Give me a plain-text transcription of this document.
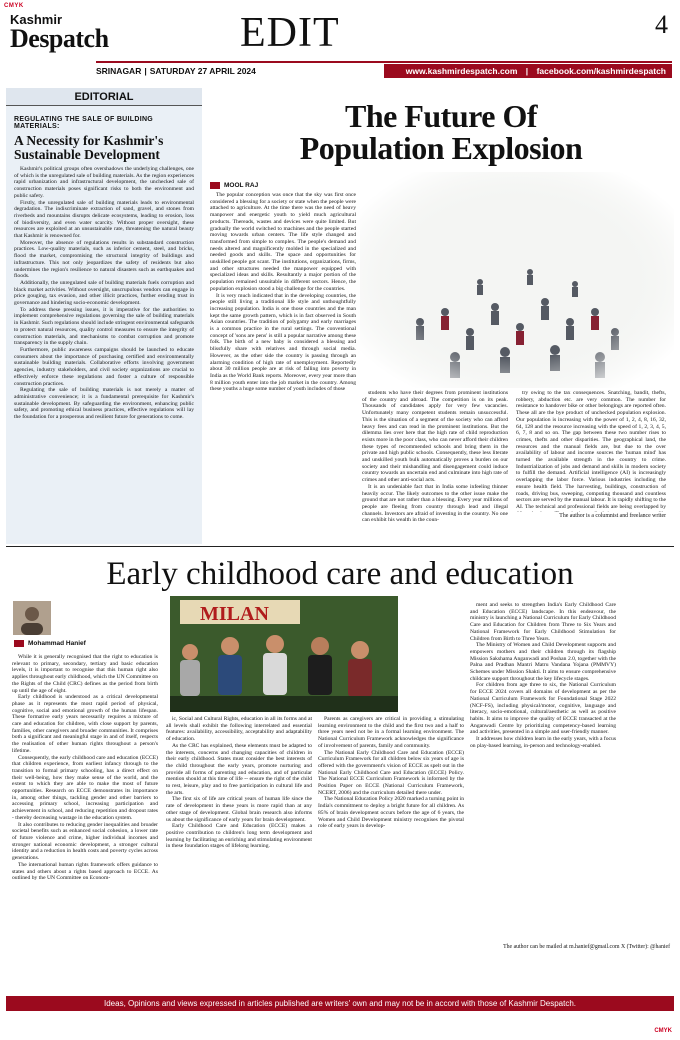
CMYK
Kashmir
Despatch	EDIT	4
SRINAGAR | SATURDAY 27 APRIL 2024	www.kashmirdespatch.com | facebook.com/kashmirdespatch
EDITORIAL
REGULATING THE SALE OF BUILDING MATERIALS:
A Necessity for Kashmir's Sustainable Development

Kashmir's political groups often overshadows the underlying challenges, one of which is the unregulated sale of building materials. As the region experiences rapid urbanization and infrastructural development, the unchecked sale of construction materials poses significant risks to both the environment and public safety.

Firstly, the unregulated sale of building materials leads to environmental degradation. The indiscriminate extraction of sand, gravel, and stones from riverbeds and mountains disrupts delicate ecosystems, leading to erosion, loss of biodiversity, and even water scarcity. Without proper oversight, these resources are exploited at an unsustainable rate, threatening the natural beauty that Kashmir is renowned for.

Moreover, the absence of regulations results in substandard construction practices. Low-quality materials, such as inferior cement, steel, and bricks, flood the market, compromising the structural integrity of buildings and infrastructure. This not only jeopardizes the safety of residents but also undermines the region's resilience to natural disasters such as earthquakes and floods.

Additionally, the unregulated sale of building materials fuels corruption and black market activities. Without oversight, unscrupulous vendors can engage in price gouging, tax evasion, and other illicit practices, further eroding trust in governance and hindering socio-economic development.

To address these pressing issues, it is imperative for the authorities to implement comprehensive regulations governing the sale of building materials in Kashmir. Such regulations should include stringent environmental safeguards to protect natural resources, quality control measures to ensure the integrity of construction materials, and mechanisms to combat corruption and promote transparency in the supply chain.

Furthermore, public awareness campaigns should be launched to educate consumers about the importance of purchasing certified and environmentally sustainable building materials. Collaborative efforts involving government agencies, industry stakeholders, and civil society organizations are crucial to effectively enforce these regulations and foster a culture of responsible construction practices.

Regulating the sale of building materials is not merely a matter of administrative convenience; it is a fundamental prerequisite for Kashmir's sustainable development. By safeguarding the environment, enhancing public safety, and promoting ethical business practices, effective regulations will lay the foundation for a prosperous and resilient future for generations to come.

The Future Of
Population Explosion
MOOL RAJ

The popular conception was once that the sky was first once considered a blessing for a society or state when the people were attached to agriculture. At the time there was the need of heavy manpower and energetic youth to yield much agricultural products. Thereads, wastes and devices were quite limited. But gradually the world switched to machines and the people started moving towards urban centers. The life style changed and transformed from simple to complex. The people's demand and needs altered and magnificently molded in the specialized and needed goods and skills. The space and opportunities for unskilled people got scant. The institutions, organizations, firms, and other structures needed the manpower equipped with specialized ideas and skills. Resultantly a major portion of the population remained unsuitable in different sectors. Hence, the population explosion stood a big challenge for the countries.

It is very much indicated that in the developing countries, the people still living a traditional life style and unthoughtfully increasing population. India is one those countries and the man kept the same growth pattern, which is in fact observed in South Asian countries. The tradition of polygamy and early marriages is a common practice in the rural settings. The conventional concept of 'sons are pens' is still a popular narrative among these folk. The birth of a new baby is considered a blessing and blissfully share with relatives and through social media. However, as the other side the country is passing through an alarming condition of high rate of unemployment. Reportedly about 30 million people are at risk of falling into poverty in India as the World Bank reports. Moreover, every year more than 8 million youth enter into the job market in the country. Among these youths a huge some number of youth includes of those

students who have their degrees from prominent institutions of the country and abroad. The competition is on its peak. Thousands of candidates apply for very few vacancies. Unfortunately many competent students remain unsuccessful. This is the situation of a segment of the society who can afford heavy fees and can read in the prominent institutions. But the dilemma lies over here that the high rate of child reproduction exists more in the poor class, who can never afford their children these types of recommended schools and bring them in the private and high public schools. Consequently, these less literate and unskilled youth bulk automatically proves a burden on our society and their mishandling and disengagement could induce country towards an uncertain end and culminate into high rate of crimes and other anti-social acts.

It is an undeniable fact that in India some infeeling thinner heavily occur. The likely outcomes to the other issue make the ground that are not rather than a blessing. Every year millions of people are fleeing from country through lead and illegal channels. Investors are afraid of investing in the country. No one can exhibit his wealth in the coun-

try owing to the tax consequences. Snatching, bandit, thefts, robbery, abduction etc. are very common. The number for resistance to handover bike or other belongings are reported often. These all are the bye product of unchecked population explosion. Our population is increasing with the power of 1, 2, 4, 8, 16, 32, 64, 128 and the resource increasing with the speed of 1, 2, 3, 4, 5, 6, 7, 8 and so on. The gap between these two number rises to crimes, thefts and other disparities. The geographical land, the resources and the manual fields are, but due to the over availability of labour and income sources the 'human mind' has turned the available strength in the country to crime. Industrialization of jobs and demand and skills in modern society to fulfill the demand. Artificial intelligence (AI) is increasingly overlapping the labor force. Various industries including the ensure health field. The harvesting, buildings, construction of roads, driving bus, sweeping, computing thousand and countless sectors are served by the manual labour. It is rapidly shifting to the AI. The technical and professional fields are being overlapped by

The author is a columnist and freelance writer
Early childhood care and education
Mohammad Hanief
MILAN

While it is generally recognised that the right to education is relevant to primary, secondary, tertiary and basic education levels, it is important to recognise that this human right also applies throughout early childhood, which the UN Committee on the Rights of the Child (CRC) defines as the period from birth up until the age of eight.

Early childhood is understood as a critical developmental phase as it represents the most rapid period of physical, cognitive, social and emotional growth of the human lifespan. These formative early years necessarily requires a mixture of care and education for children, with close support by parents, families, other caregivers and broader communities. It comprises both a significant and meaningful stage in and of itself, respects the realisation of other human rights throughout a person's lifetime.

Consequently, the early childhood care and education (ECCE) that children experience, from earliest infancy through to the transition to formal primary schooling, has a direct effect on their well-being, how they make sense of the world, and the extent to which they are able to make the most of future opportunities. Research on ECCE demonstrates its importance in, among other things, tackling gender and other barriers to accessing primary school, increasing participation and achievement in school, and reducing repetition and dropout rates - thereby decreasing wastage in the education system.

It also contributes to reducing gender inequalities and broader societal benefits such as enhanced social cohesion, a lower rate of future violence and crime, higher individual incomes and stronger national economic development, a stronger cultural identity and a reduction in health costs and poverty cycles across generations.

The international human rights framework offers guidance to states and others about a rights based approach to ECCE. As outlined by the UN Committee on Econom-

ic, Social and Cultural Rights, education in all its forms and at all levels shall exhibit the following interrelated and essential features: availability, accessibility, acceptability and adaptability of education.

As the CRC has explained, these elements must be adapted to the interests, concerns and changing capacities of children in their early childhood. States must consider the best interests of the child throughout the early years, promote nurturing and provide all forms of parenting and education, and of particular mention should at this time of life -- ensure the right of the child to rest, leisure, play and to free participation in cultural life and the arts.

The first six of life are critical years of human life since the rate of development in these years is more rapid than at any other stage of development. Global brain research also informs us about the significance of early years for brain development.

Early Childhood Care and Education (ECCE) makes a positive contribution to children's long term development and learning by facilitating an enriching and stimulating environment in these foundation stages of lifelong learning.

Parents as caregivers are critical in providing a stimulating learning environment to the child and the first two and a half to three years need not be in a formal learning environment. The National Curriculum Framework acknowledges the significance of involvement of parents, family and community.

The National Early Childhood Care and Education (ECCE) Curriculum Framework for all children below six years of age is offered with the government's vision of ECCE as spelt out in the National Early Childhood Care and Education (ECCE) Policy. The National ECCE Curriculum Framework is informed by the Position Paper on ECCE (National Curriculum Framework, NCERT, 2006) and the curriculum detailed there under.

The National Education Policy 2020 marked a turning point in India's commitment to deploy a bright future for all children. As 85% of brain development occurs before the age of 6 years, the Women and Child Development ministry recognises the pivotal role of early years in develop-

ment and seeks to strengthen India's Early Childhood Care and Education (ECCE) landscape. In this endeavour, the ministry is launching a National Curriculum for Early Childhood Care and Education for Children from Three to Six Years and National Framework for Early Childhood Stimulation for Children from Birth to Three Years.

The Ministry of Women and Child Development supports and empowers mothers and their children through its flagship Mission Sakshama Anganwadi and Poshan 2.0, together with the Palna and Pradhan Mantri Matru Vandana Yojana (PMMVY) Schemes under Mission Shakti. It aims to ensure comprehensive childcare support throughout the key lifecycle stages.

For children from age three to six, the National Curriculum for ECCE 2024 covers all domains of development as per the National Curriculum Framework for Foundational Stage 2022 (NCF-FS), including physical/motor, cognitive, language and literacy, socio-emotional, cultural/aesthetic as well as positive habits. It aims to improve the quality of ECCE transacted at the Anganwadi Centre by prioritizing competency-based learning and activities, presented in a simple and user-friendly manner.

It addresses how children learn in the early years, with a focus on play-based learning, in-person and technology-enabled.

The author can be mailed at m.hanief@gmail.com X (Twitter): @hanief
Ideas, Opinions and views expressed in articles published are writers' own and may not be in accord with those of Kashmir Despatch.
CMYK
